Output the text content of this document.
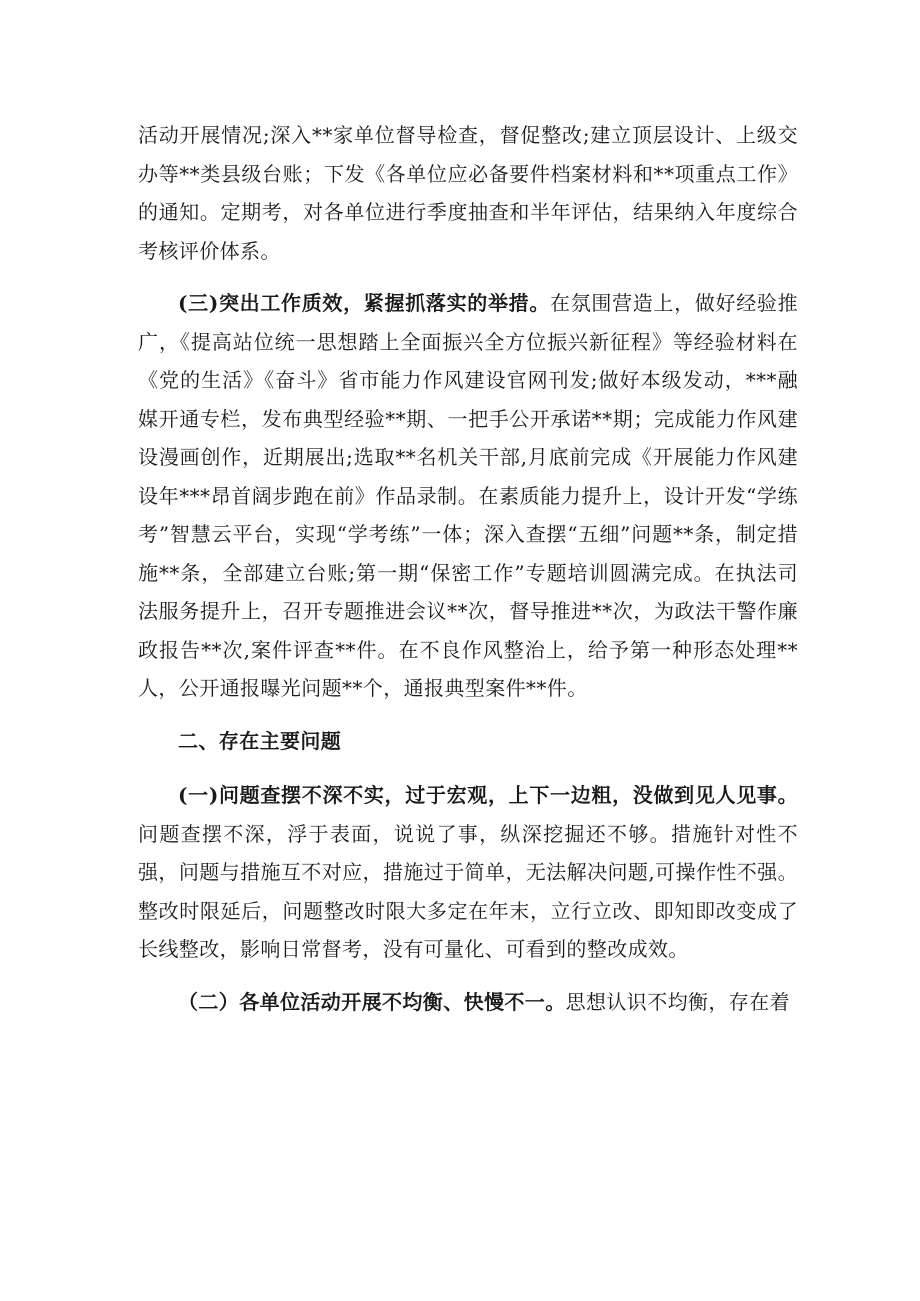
活动开展情况;深入**家单位督导检查，督促整改;建立顶层设计、上级交办等**类县级台账；下发《各单位应必备要件档案材料和**项重点工作》的通知。定期考，对各单位进行季度抽查和半年评估，结果纳入年度综合考核评价体系。

(三)突出工作质效，紧握抓落实的举措。在氛围营造上，做好经验推广，《提高站位统一思想踏上全面振兴全方位振兴新征程》等经验材料在《党的生活》《奋斗》省市能力作风建设官网刊发;做好本级发动，***融媒开通专栏，发布典型经验**期、一把手公开承诺**期；完成能力作风建设漫画创作，近期展出;选取**名机关干部,月底前完成《开展能力作风建设年***昂首阔步跑在前》作品录制。在素质能力提升上，设计开发“学练考”智慧云平台，实现“学考练”一体；深入查摆“五细”问题**条，制定措施**条，全部建立台账;第一期“保密工作”专题培训圆满完成。在执法司法服务提升上，召开专题推进会议**次，督导推进**次，为政法干警作廉政报告**次,案件评查**件。在不良作风整治上，给予第一种形态处理**人，公开通报曝光问题**个，通报典型案件**件。

二、存在主要问题

(一)问题查摆不深不实，过于宏观，上下一边粗，没做到见人见事。问题查摆不深，浮于表面，说说了事，纵深挖掘还不够。措施针对性不强，问题与措施互不对应，措施过于简单，无法解决问题,可操作性不强。整改时限延后，问题整改时限大多定在年末，立行立改、即知即改变成了长线整改，影响日常督考，没有可量化、可看到的整改成效。

（二）各单位活动开展不均衡、快慢不一。思想认识不均衡，存在着
